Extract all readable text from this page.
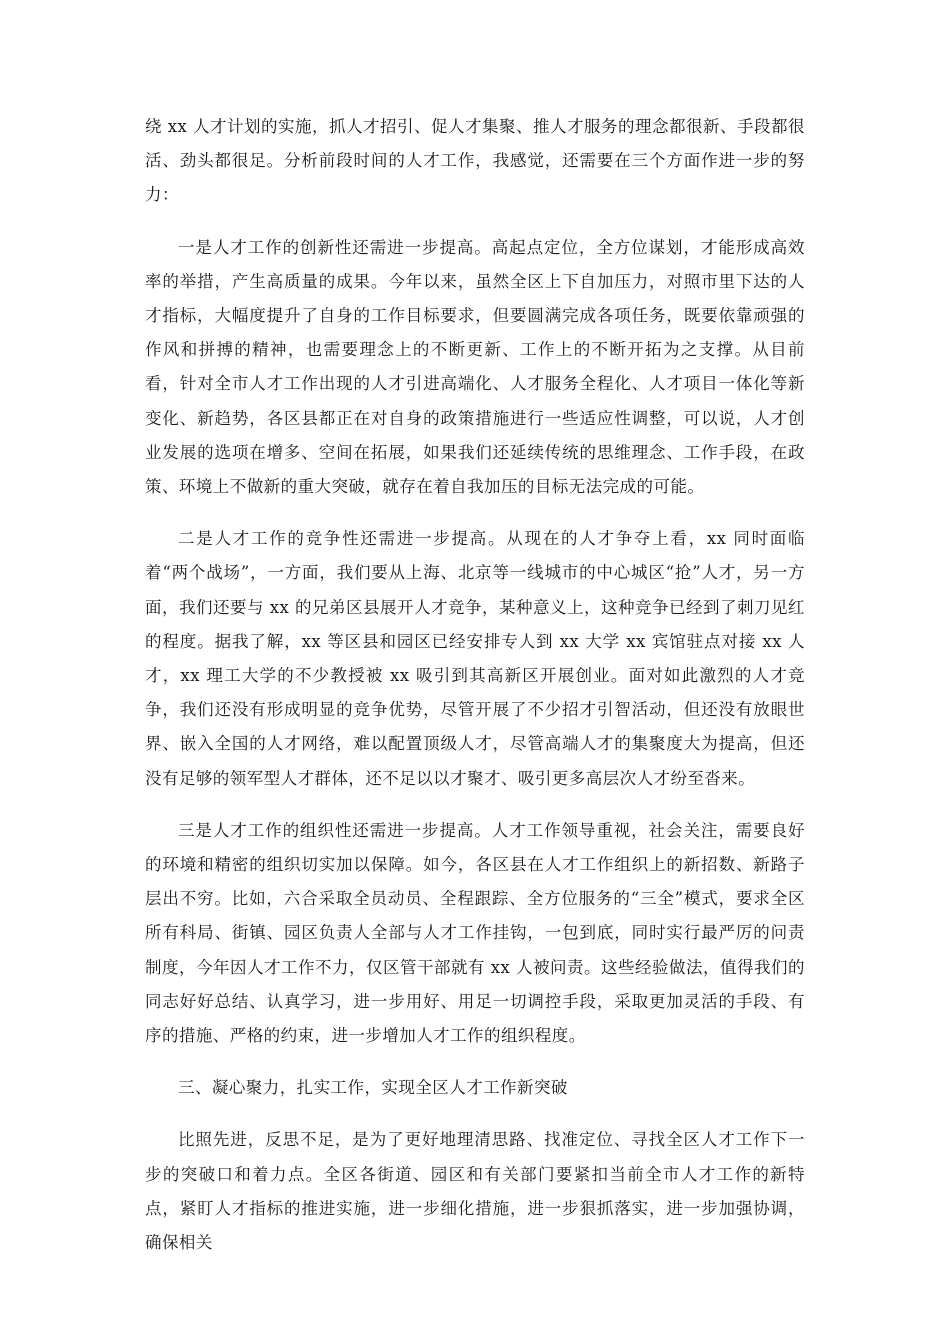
绕 xx 人才计划的实施，抓人才招引、促人才集聚、推人才服务的理念都很新、手段都很活、劲头都很足。分析前段时间的人才工作，我感觉，还需要在三个方面作进一步的努力：

一是人才工作的创新性还需进一步提高。高起点定位，全方位谋划，才能形成高效率的举措，产生高质量的成果。今年以来，虽然全区上下自加压力，对照市里下达的人才指标，大幅度提升了自身的工作目标要求，但要圆满完成各项任务，既要依靠顽强的作风和拼搏的精神，也需要理念上的不断更新、工作上的不断开拓为之支撑。从目前看，针对全市人才工作出现的人才引进高端化、人才服务全程化、人才项目一体化等新变化、新趋势，各区县都正在对自身的政策措施进行一些适应性调整，可以说，人才创业发展的选项在增多、空间在拓展，如果我们还延续传统的思维理念、工作手段，在政策、环境上不做新的重大突破，就存在着自我加压的目标无法完成的可能。

二是人才工作的竞争性还需进一步提高。从现在的人才争夺上看，xx 同时面临着“两个战场”，一方面，我们要从上海、北京等一线城市的中心城区“抢”人才，另一方面，我们还要与 xx 的兄弟区县展开人才竞争，某种意义上，这种竞争已经到了刺刀见红的程度。据我了解，xx 等区县和园区已经安排专人到 xx 大学 xx 宾馆驻点对接 xx 人才，xx 理工大学的不少教授被 xx 吸引到其高新区开展创业。面对如此激烈的人才竞争，我们还没有形成明显的竞争优势，尽管开展了不少招才引智活动，但还没有放眼世界、嵌入全国的人才网络，难以配置顶级人才，尽管高端人才的集聚度大为提高，但还没有足够的领军型人才群体，还不足以以才聚才、吸引更多高层次人才纷至沓来。

三是人才工作的组织性还需进一步提高。人才工作领导重视，社会关注，需要良好的环境和精密的组织切实加以保障。如今，各区县在人才工作组织上的新招数、新路子层出不穷。比如，六合采取全员动员、全程跟踪、全方位服务的“三全”模式，要求全区所有科局、街镇、园区负责人全部与人才工作挂钩，一包到底，同时实行最严厉的问责制度，今年因人才工作不力，仅区管干部就有 xx 人被问责。这些经验做法，值得我们的同志好好总结、认真学习，进一步用好、用足一切调控手段，采取更加灵活的手段、有序的措施、严格的约束，进一步增加人才工作的组织程度。

三、凝心聚力，扎实工作，实现全区人才工作新突破

比照先进，反思不足，是为了更好地理清思路、找准定位、寻找全区人才工作下一步的突破口和着力点。全区各街道、园区和有关部门要紧扣当前全市人才工作的新特点，紧盯人才指标的推进实施，进一步细化措施，进一步狠抓落实，进一步加强协调，确保相关
